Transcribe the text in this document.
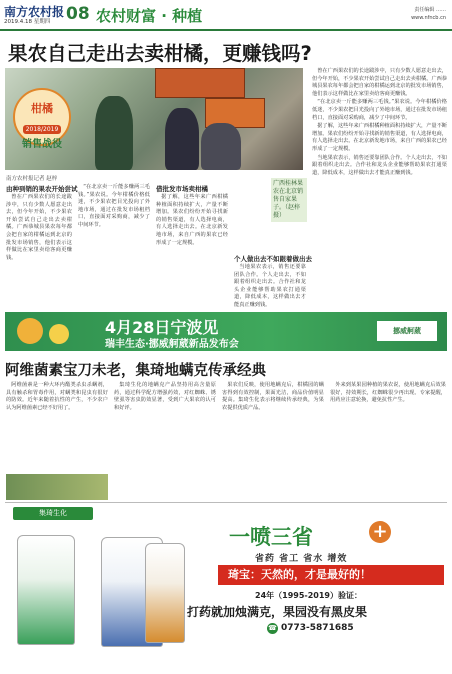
南方农村报
2019.4.18 星期四 08 农村财富 · 种植	责任编辑 ……
www.nfncb.cn
果农自己走出去卖柑橘，更赚钱吗?
柑橘
2018/2019
销售战役
广西桂林果农在北京销售自家果子。（赵梓摄）
南方农村报记者 赵梓
由种到销的果农开始尝试

曾在广西果农们的长途跋涉中，只有少数人愿意走出去，但今年开始，不少果农开始尝试自己走出去卖柑橘。广西恭城县果农每年都会把自家的柑橘运到北京的批发市场销售，他们表示这样做比在家里卖给客商更赚钱。

“在北京卖一斤能多赚两三毛钱。”果农说。今年柑橘价格低迷，不少果农把目光投向了外地市场，通过在批发市场租档口，直接面对采购商，减少了中间环节。

借批发市场卖柑橘

据了解，这些年来广西柑橘种植面积持续扩大，产量不断增加。果农们纷纷开始寻找新的销售渠道，有人选择电商，有人选择走出去。在北京新发地市场，来自广西的果农已经形成了一定规模。

个人做出去不如跟着做出去

当地果农表示，销售还要靠团队合作。个人走出去，不如跟着组织走出去。合作社和龙头企业能够帮助果农打通渠道，降低成本，这样做出去才能真正赚到钱。

曾在广西果农们的长途跋涉中，只有少数人愿意走出去，但今年开始，不少果农开始尝试自己走出去卖柑橘。广西恭城县果农每年都会把自家的柑橘运到北京的批发市场销售，他们表示这样做比在家里卖给客商更赚钱。

“在北京卖一斤能多赚两三毛钱。”果农说。今年柑橘价格低迷，不少果农把目光投向了外地市场，通过在批发市场租档口，直接面对采购商，减少了中间环节。

据了解，这些年来广西柑橘种植面积持续扩大，产量不断增加。果农们纷纷开始寻找新的销售渠道，有人选择电商，有人选择走出去。在北京新发地市场，来自广西的果农已经形成了一定规模。

当地果农表示，销售还要靠团队合作。个人走出去，不如跟着组织走出去。合作社和龙头企业能够帮助果农打通渠道，降低成本，这样做出去才能真正赚到钱。

4月28日宁波见
瑞丰生态·挪威舸葳新品发布会
挪威舸葳
阿维菌素宝刀未老，集琦地螨克传承经典

阿维菌素是一种大环内酯类杀虫杀螨剂，具有触杀和胃毒作用，对螨类和昆虫有很好的防效。近年来随着抗性的产生，不少农户认为阿维菌素已经不好用了。

集琦生化的地螨克产品坚持用高含量原药，通过科学配方增强药效，对红蜘蛛、锈壁虱等害虫防效显著，受到广大果农的认可和好评。

果农们反映，使用地螨克后，柑橘园的螨害得到有效控制，果面光洁，商品价值明显提高。集琦生化表示将继续传承经典，为果农提供优质产品。

外来到某果园种植的果农说，使用地螨克后效果很好，持效期长，红蜘蛛很少再出现。专家提醒，用药应注意轮换，避免抗性产生。

集琦生化
一喷三省	+
省药 省工 省水 增效
琦宝：天然的，才是最好的！
24年（1995-2019）验证：
打药就加烛满克，果园没有黑皮果
☎ 0773-5871685
